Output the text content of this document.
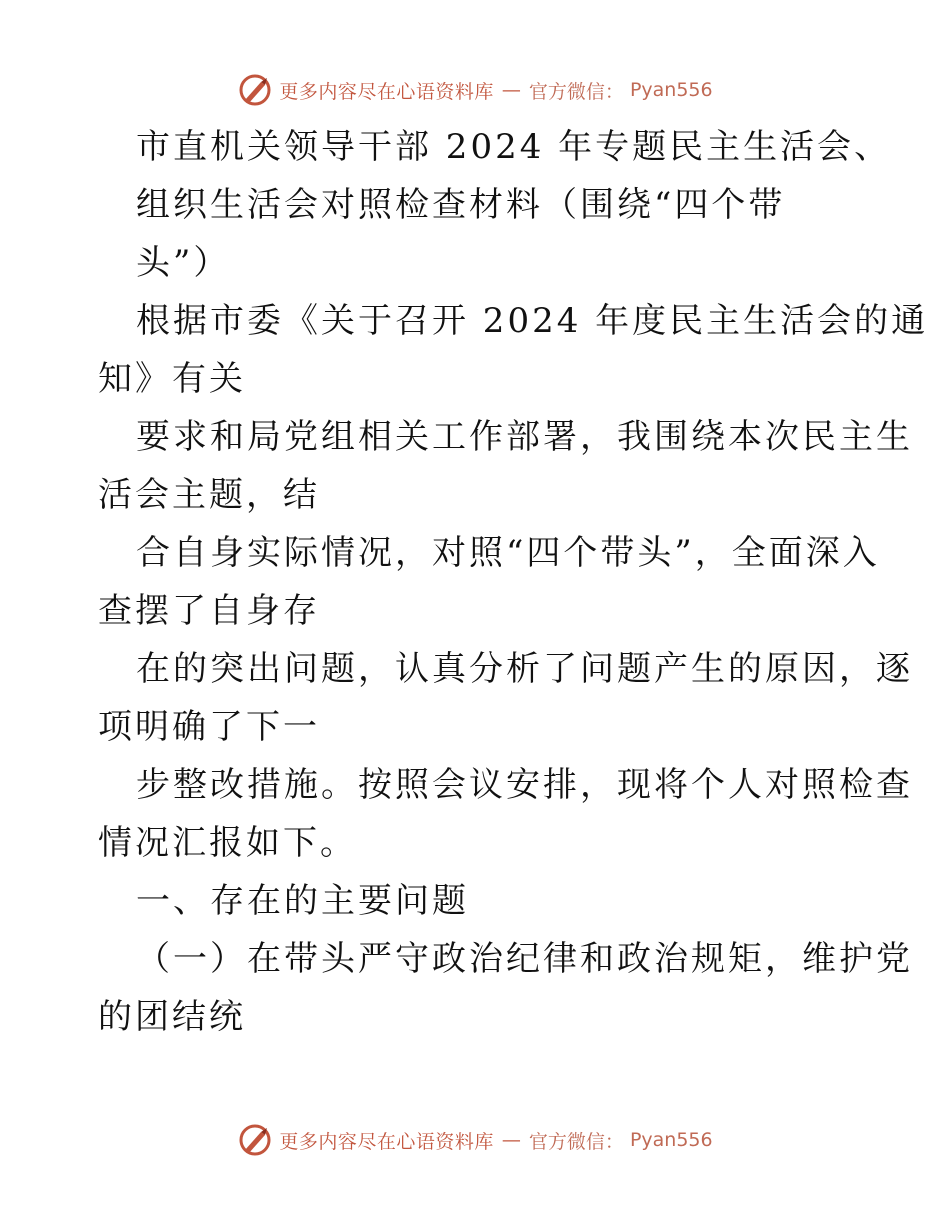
更多内容尽在心语资料库 — 官方微信： Pyan556
市直机关领导干部 2024 年专题民主生活会、
组织生活会对照检查材料（围绕“四个带
头”）
根据市委《关于召开 2024 年度民主生活会的通
知》有关
要求和局党组相关工作部署，我围绕本次民主生
活会主题，结
合自身实际情况，对照“四个带头”，全面深入
查摆了自身存
在的突出问题，认真分析了问题产生的原因，逐
项明确了下一
步整改措施。按照会议安排，现将个人对照检查
情况汇报如下。
一、存在的主要问题
（一）在带头严守政治纪律和政治规矩，维护党
的团结统
更多内容尽在心语资料库 — 官方微信： Pyan556
